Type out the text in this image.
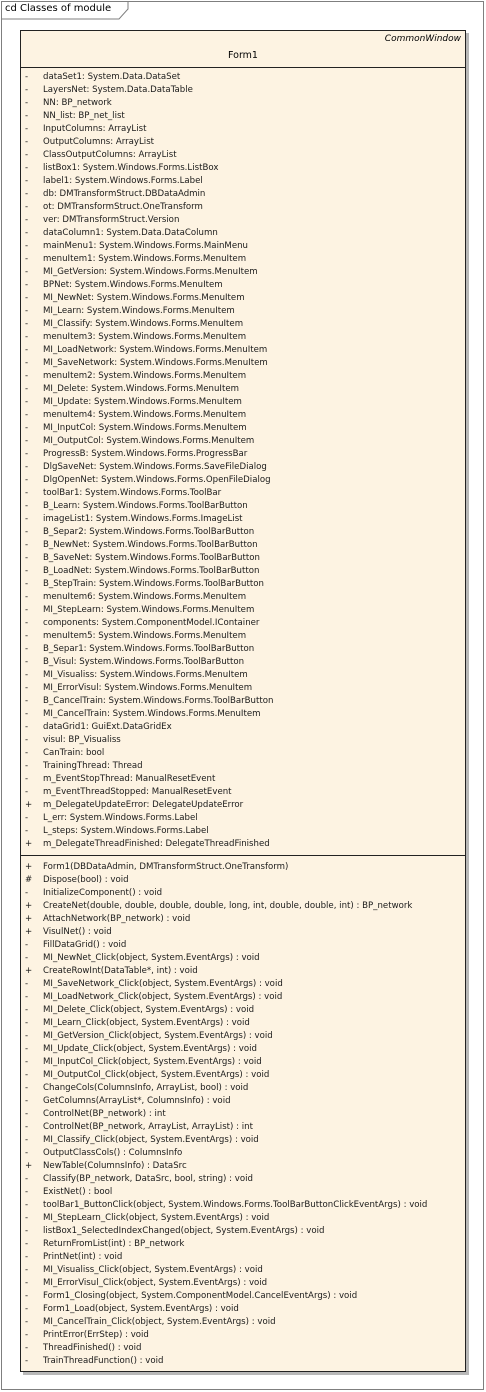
cd Classes of module
CommonWindow
Form1
-	dataSet1: System.Data.DataSet
-	LayersNet: System.Data.DataTable
-	NN: BP_network
-	NN_list: BP_net_list
-	InputColumns: ArrayList
-	OutputColumns: ArrayList
-	ClassOutputColumns: ArrayList
-	listBox1: System.Windows.Forms.ListBox
-	label1: System.Windows.Forms.Label
-	db: DMTransformStruct.DBDataAdmin
-	ot: DMTransformStruct.OneTransform
-	ver: DMTransformStruct.Version
-	dataColumn1: System.Data.DataColumn
-	mainMenu1: System.Windows.Forms.MainMenu
-	menuItem1: System.Windows.Forms.MenuItem
-	MI_GetVersion: System.Windows.Forms.MenuItem
-	BPNet: System.Windows.Forms.MenuItem
-	MI_NewNet: System.Windows.Forms.MenuItem
-	MI_Learn: System.Windows.Forms.MenuItem
-	MI_Classify: System.Windows.Forms.MenuItem
-	menuItem3: System.Windows.Forms.MenuItem
-	MI_LoadNetwork: System.Windows.Forms.MenuItem
-	MI_SaveNetwork: System.Windows.Forms.MenuItem
-	menuItem2: System.Windows.Forms.MenuItem
-	MI_Delete: System.Windows.Forms.MenuItem
-	MI_Update: System.Windows.Forms.MenuItem
-	menuItem4: System.Windows.Forms.MenuItem
-	MI_InputCol: System.Windows.Forms.MenuItem
-	MI_OutputCol: System.Windows.Forms.MenuItem
-	ProgressB: System.Windows.Forms.ProgressBar
-	DlgSaveNet: System.Windows.Forms.SaveFileDialog
-	DlgOpenNet: System.Windows.Forms.OpenFileDialog
-	toolBar1: System.Windows.Forms.ToolBar
-	B_Learn: System.Windows.Forms.ToolBarButton
-	imageList1: System.Windows.Forms.ImageList
-	B_Separ2: System.Windows.Forms.ToolBarButton
-	B_NewNet: System.Windows.Forms.ToolBarButton
-	B_SaveNet: System.Windows.Forms.ToolBarButton
-	B_LoadNet: System.Windows.Forms.ToolBarButton
-	B_StepTrain: System.Windows.Forms.ToolBarButton
-	menuItem6: System.Windows.Forms.MenuItem
-	MI_StepLearn: System.Windows.Forms.MenuItem
-	components: System.ComponentModel.IContainer
-	menuItem5: System.Windows.Forms.MenuItem
-	B_Separ1: System.Windows.Forms.ToolBarButton
-	B_Visul: System.Windows.Forms.ToolBarButton
-	MI_Visualiss: System.Windows.Forms.MenuItem
-	MI_ErrorVisul: System.Windows.Forms.MenuItem
-	B_CancelTrain: System.Windows.Forms.ToolBarButton
-	MI_CancelTrain: System.Windows.Forms.MenuItem
-	dataGrid1: GuiExt.DataGridEx
-	visul: BP_Visualiss
-	CanTrain: bool
-	TrainingThread: Thread
-	m_EventStopThread: ManualResetEvent
-	m_EventThreadStopped: ManualResetEvent
+	m_DelegateUpdateError: DelegateUpdateError
-	L_err: System.Windows.Forms.Label
-	L_steps: System.Windows.Forms.Label
+	m_DelegateThreadFinished: DelegateThreadFinished
+	Form1(DBDataAdmin, DMTransformStruct.OneTransform)
#	Dispose(bool) : void
-	InitializeComponent() : void
+	CreateNet(double, double, double, double, long, int, double, double, int) : BP_network
+	AttachNetwork(BP_network) : void
+	VisulNet() : void
-	FillDataGrid() : void
-	MI_NewNet_Click(object, System.EventArgs) : void
+	CreateRowInt(DataTable*, int) : void
-	MI_SaveNetwork_Click(object, System.EventArgs) : void
-	MI_LoadNetwork_Click(object, System.EventArgs) : void
-	MI_Delete_Click(object, System.EventArgs) : void
-	MI_Learn_Click(object, System.EventArgs) : void
-	MI_GetVersion_Click(object, System.EventArgs) : void
-	MI_Update_Click(object, System.EventArgs) : void
-	MI_InputCol_Click(object, System.EventArgs) : void
-	MI_OutputCol_Click(object, System.EventArgs) : void
-	ChangeCols(ColumnsInfo, ArrayList, bool) : void
-	GetColumns(ArrayList*, ColumnsInfo) : void
-	ControlNet(BP_network) : int
-	ControlNet(BP_network, ArrayList, ArrayList) : int
-	MI_Classify_Click(object, System.EventArgs) : void
-	OutputClassCols() : ColumnsInfo
+	NewTable(ColumnsInfo) : DataSrc
-	Classify(BP_network, DataSrc, bool, string) : void
-	ExistNet() : bool
-	toolBar1_ButtonClick(object, System.Windows.Forms.ToolBarButtonClickEventArgs) : void
-	MI_StepLearn_Click(object, System.EventArgs) : void
-	listBox1_SelectedIndexChanged(object, System.EventArgs) : void
-	ReturnFromList(int) : BP_network
-	PrintNet(int) : void
-	MI_Visualiss_Click(object, System.EventArgs) : void
-	MI_ErrorVisul_Click(object, System.EventArgs) : void
-	Form1_Closing(object, System.ComponentModel.CancelEventArgs) : void
-	Form1_Load(object, System.EventArgs) : void
-	MI_CancelTrain_Click(object, System.EventArgs) : void
-	PrintError(ErrStep) : void
-	ThreadFinished() : void
-	TrainThreadFunction() : void
